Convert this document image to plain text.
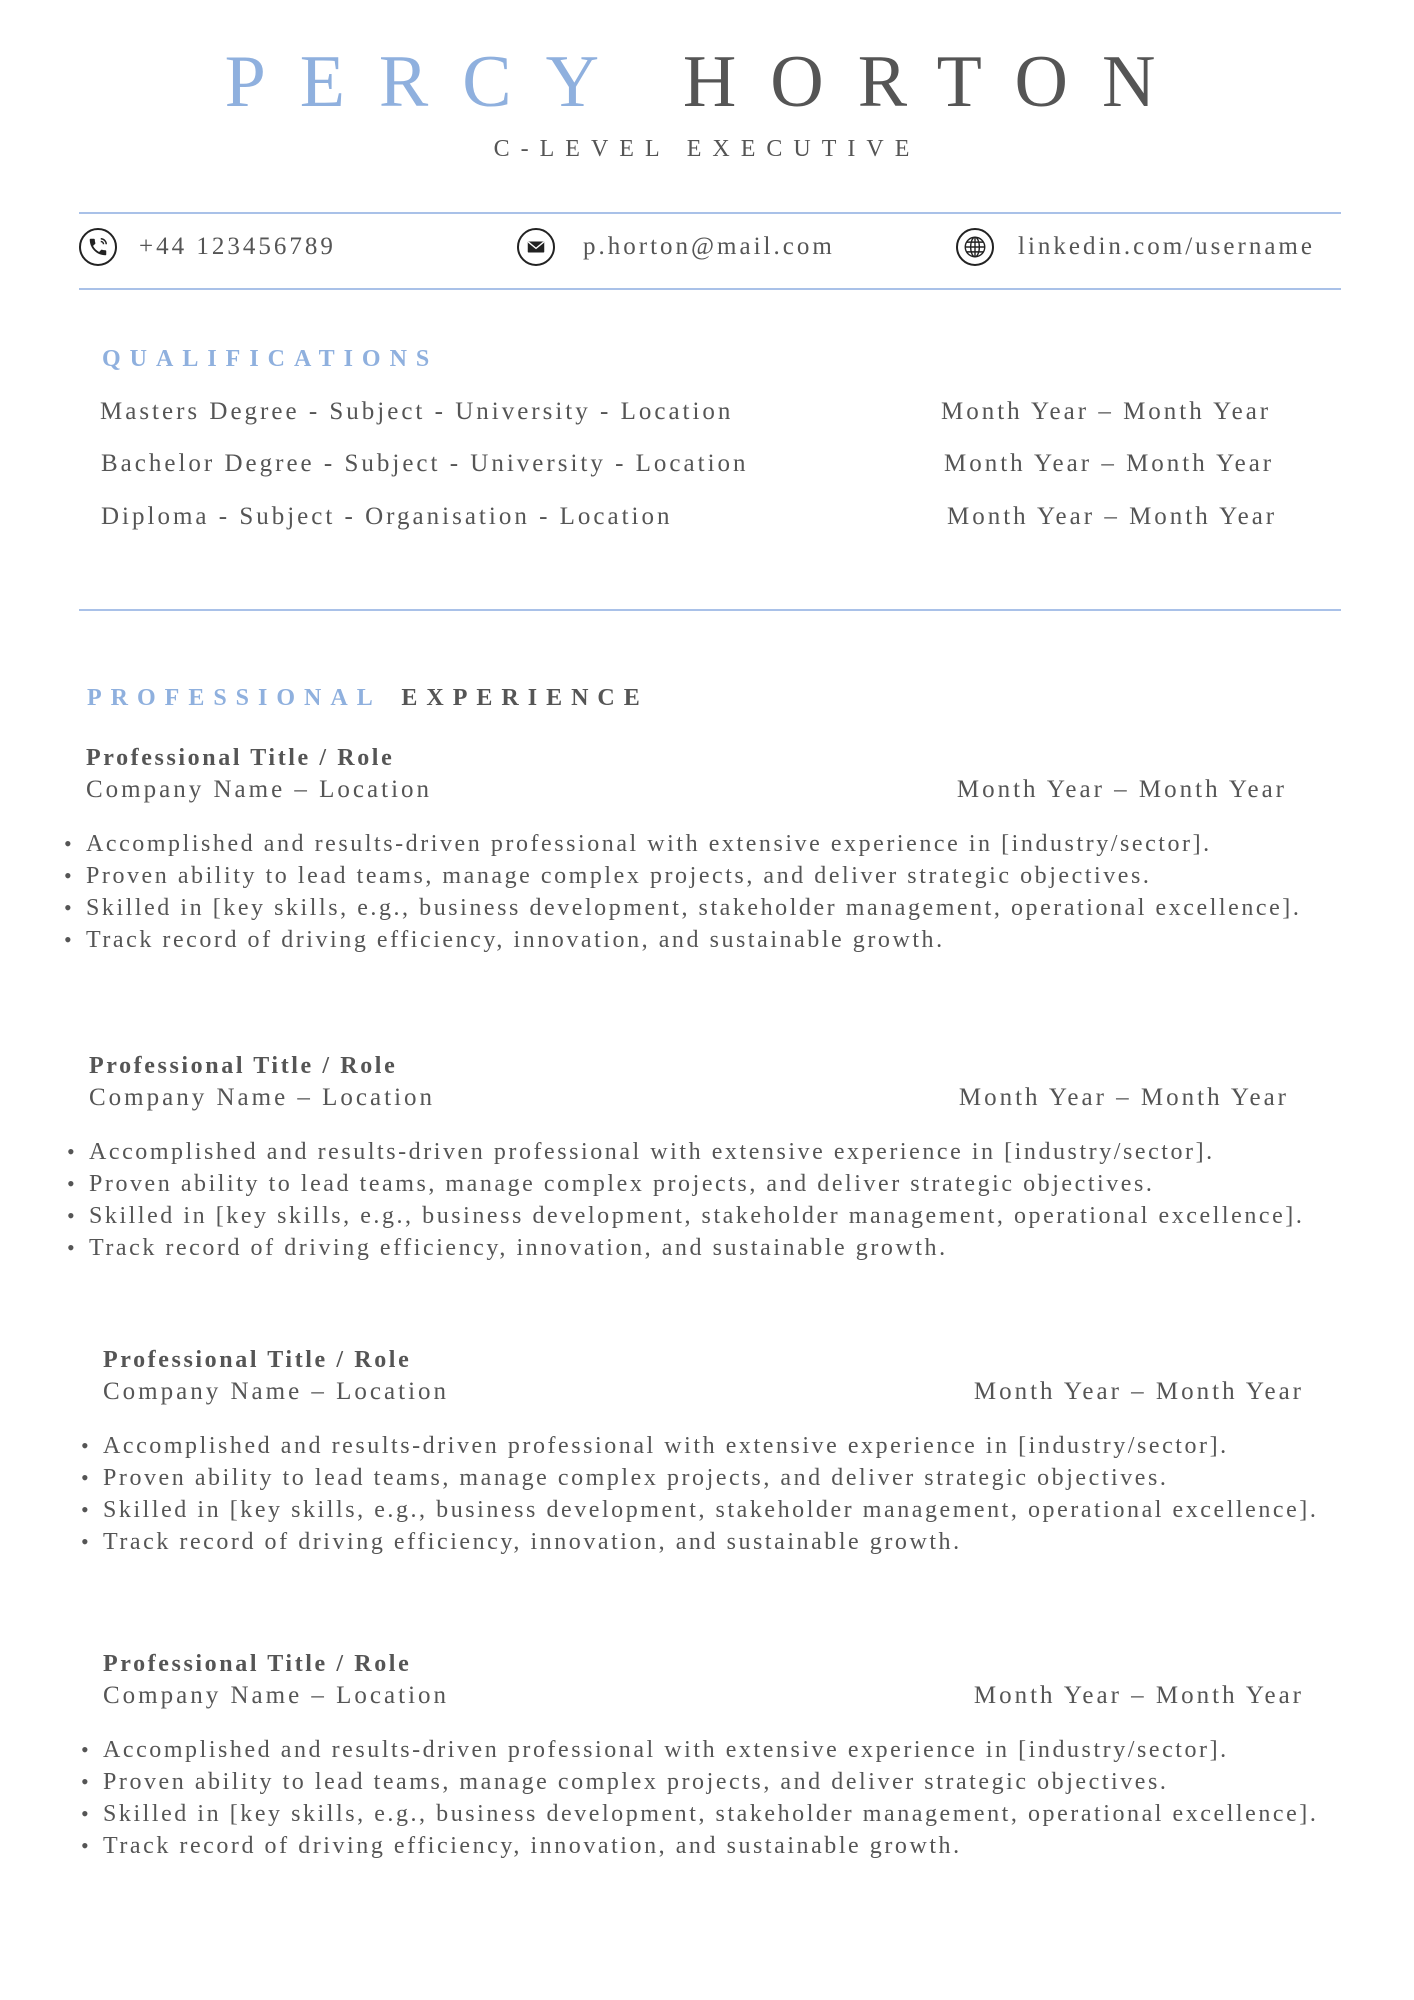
PERCY HORTON
C-LEVEL EXECUTIVE
+44 123456789	p.horton@mail.com	linkedin.com/username
QUALIFICATIONS
Masters Degree - Subject - University - Location	Month Year – Month Year
Bachelor Degree - Subject - University - Location	Month Year – Month Year
Diploma - Subject - Organisation - Location	Month Year – Month Year
PROFESSIONAL EXPERIENCE
Professional Title / Role
Company Name – Location	Month Year – Month Year
• Accomplished and results-driven professional with extensive experience in [industry/sector].
• Proven ability to lead teams, manage complex projects, and deliver strategic objectives.
• Skilled in [key skills, e.g., business development, stakeholder management, operational excellence].
• Track record of driving efficiency, innovation, and sustainable growth.
Professional Title / Role
Company Name – Location	Month Year – Month Year
• Accomplished and results-driven professional with extensive experience in [industry/sector].
• Proven ability to lead teams, manage complex projects, and deliver strategic objectives.
• Skilled in [key skills, e.g., business development, stakeholder management, operational excellence].
• Track record of driving efficiency, innovation, and sustainable growth.
Professional Title / Role
Company Name – Location	Month Year – Month Year
• Accomplished and results-driven professional with extensive experience in [industry/sector].
• Proven ability to lead teams, manage complex projects, and deliver strategic objectives.
• Skilled in [key skills, e.g., business development, stakeholder management, operational excellence].
• Track record of driving efficiency, innovation, and sustainable growth.
Professional Title / Role
Company Name – Location	Month Year – Month Year
• Accomplished and results-driven professional with extensive experience in [industry/sector].
• Proven ability to lead teams, manage complex projects, and deliver strategic objectives.
• Skilled in [key skills, e.g., business development, stakeholder management, operational excellence].
• Track record of driving efficiency, innovation, and sustainable growth.
